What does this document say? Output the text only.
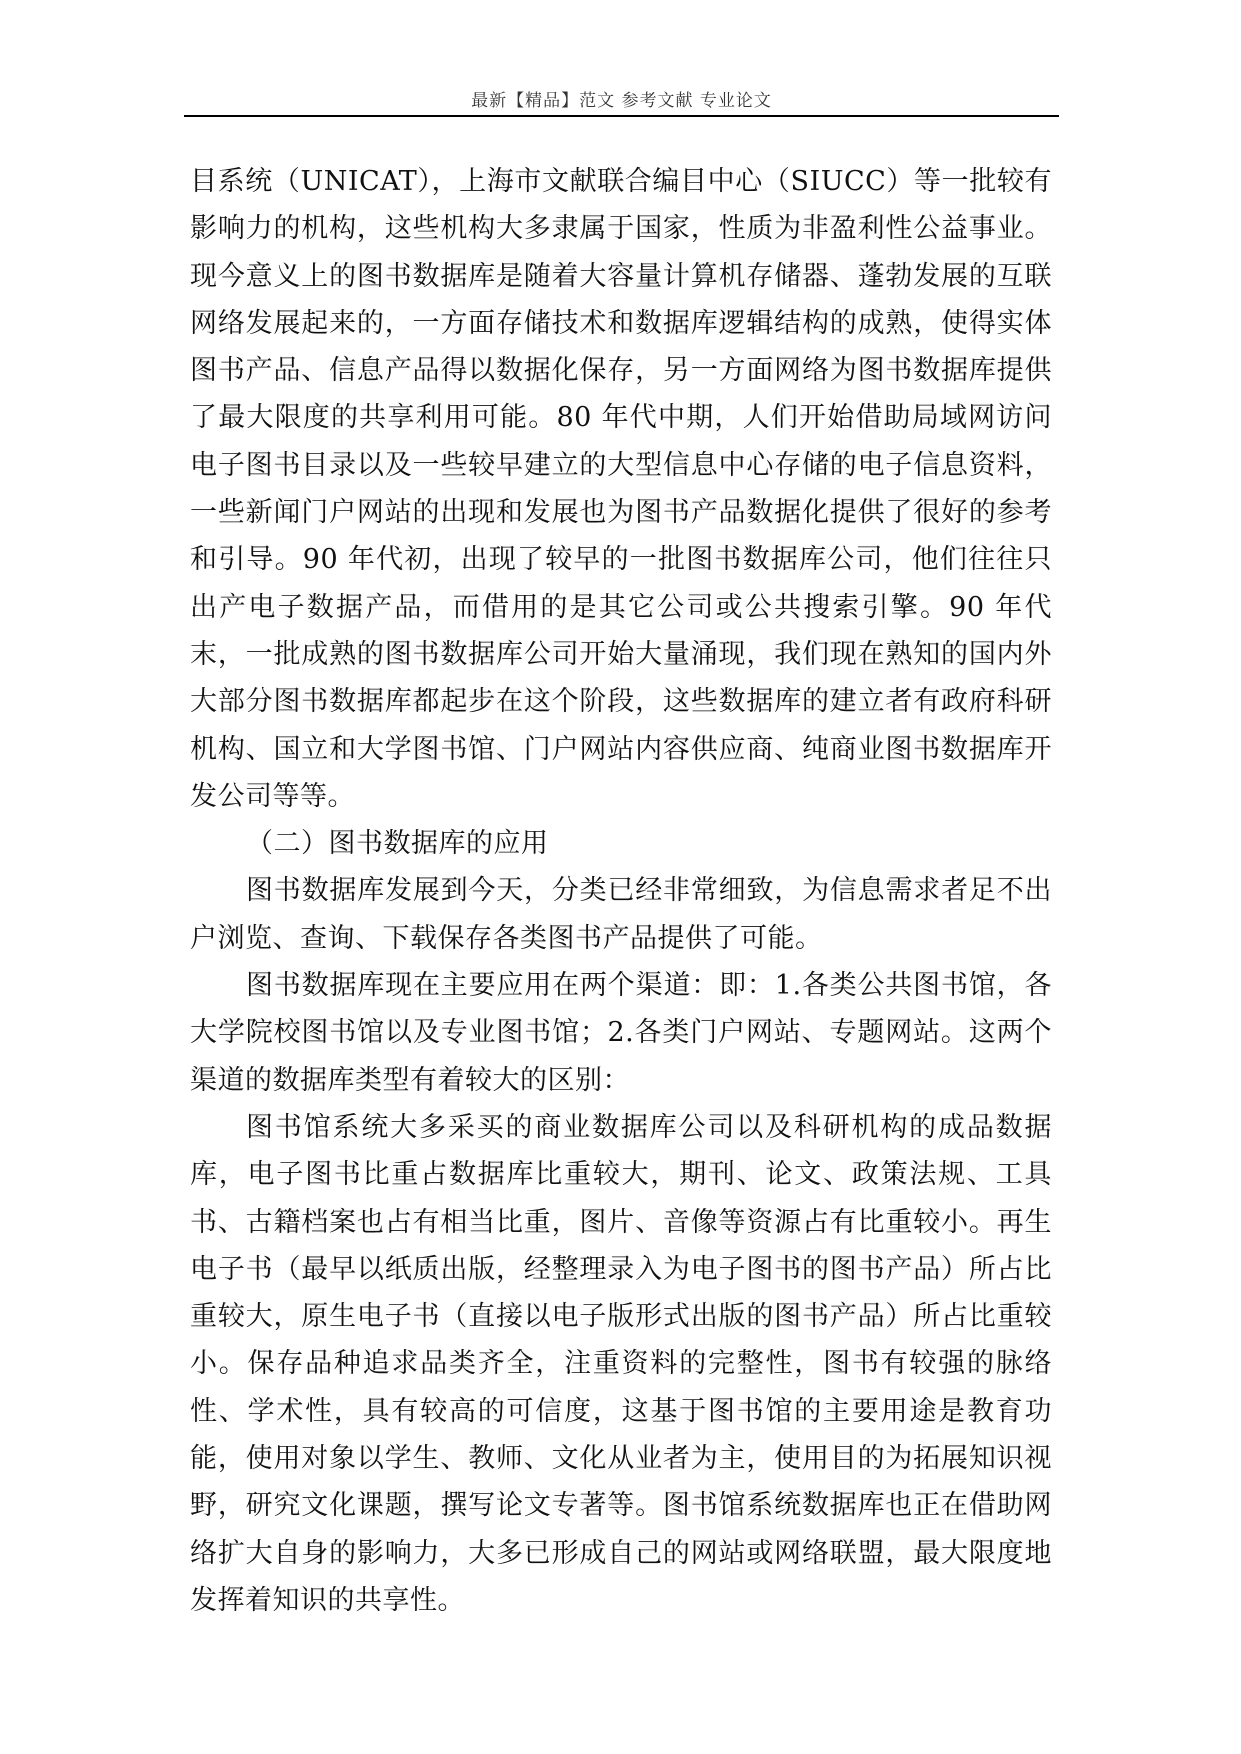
最新【精品】范文 参考文献 专业论文

目系统（UNICAT），上海市文献联合编目中心（SIUCC）等一批较有影响力的机构，这些机构大多隶属于国家，性质为非盈利性公益事业。现今意义上的图书数据库是随着大容量计算机存储器、蓬勃发展的互联网络发展起来的，一方面存储技术和数据库逻辑结构的成熟，使得实体图书产品、信息产品得以数据化保存，另一方面网络为图书数据库提供了最大限度的共享利用可能。80 年代中期，人们开始借助局域网访问电子图书目录以及一些较早建立的大型信息中心存储的电子信息资料，一些新闻门户网站的出现和发展也为图书产品数据化提供了很好的参考和引导。90 年代初，出现了较早的一批图书数据库公司，他们往往只出产电子数据产品，而借用的是其它公司或公共搜索引擎。90 年代末，一批成熟的图书数据库公司开始大量涌现，我们现在熟知的国内外大部分图书数据库都起步在这个阶段，这些数据库的建立者有政府科研机构、国立和大学图书馆、门户网站内容供应商、纯商业图书数据库开发公司等等。

（二）图书数据库的应用

图书数据库发展到今天，分类已经非常细致，为信息需求者足不出户浏览、查询、下载保存各类图书产品提供了可能。

图书数据库现在主要应用在两个渠道：即：1.各类公共图书馆，各大学院校图书馆以及专业图书馆；2.各类门户网站、专题网站。这两个渠道的数据库类型有着较大的区别：

图书馆系统大多采买的商业数据库公司以及科研机构的成品数据库，电子图书比重占数据库比重较大，期刊、论文、政策法规、工具书、古籍档案也占有相当比重，图片、音像等资源占有比重较小。再生电子书（最早以纸质出版，经整理录入为电子图书的图书产品）所占比重较大，原生电子书（直接以电子版形式出版的图书产品）所占比重较小。保存品种追求品类齐全，注重资料的完整性，图书有较强的脉络性、学术性，具有较高的可信度，这基于图书馆的主要用途是教育功能，使用对象以学生、教师、文化从业者为主，使用目的为拓展知识视野，研究文化课题，撰写论文专著等。图书馆系统数据库也正在借助网络扩大自身的影响力，大多已形成自己的网站或网络联盟，最大限度地发挥着知识的共享性。
